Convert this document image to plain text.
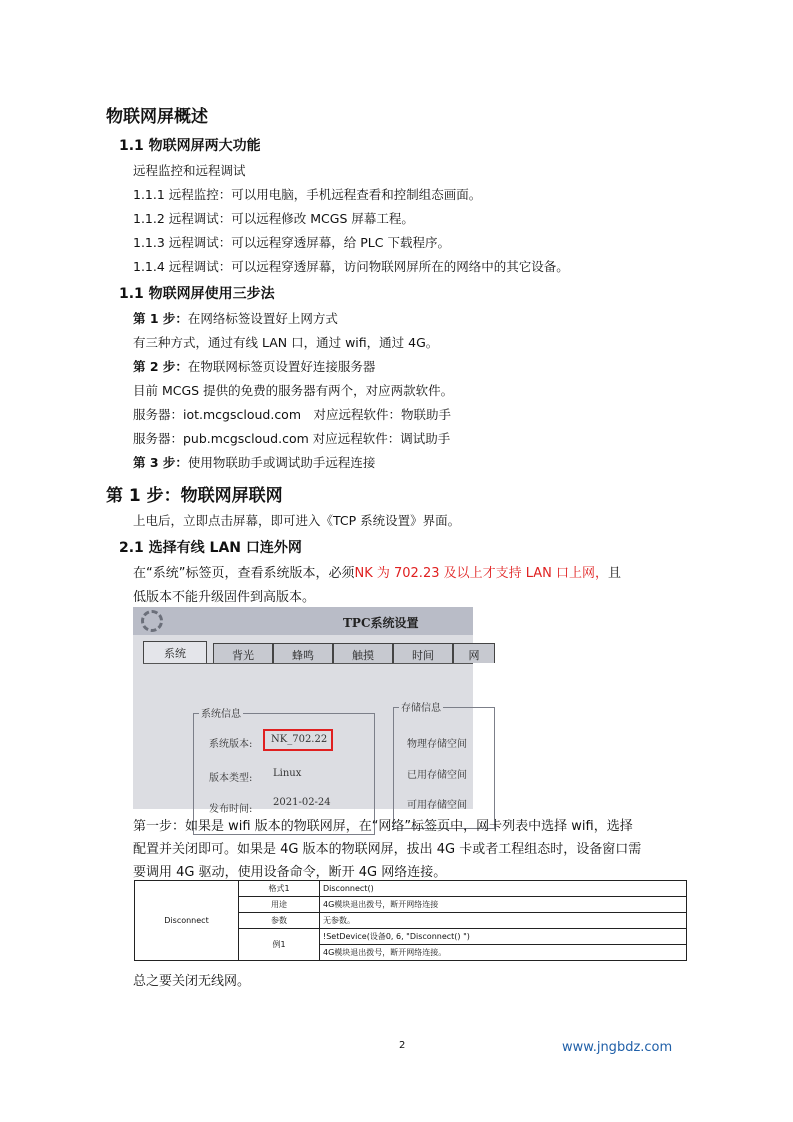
物联网屏概述
1.1 物联网屏两大功能
远程监控和远程调试
1.1.1 远程监控：可以用电脑，手机远程查看和控制组态画面。
1.1.2 远程调试：可以远程修改 MCGS 屏幕工程。
1.1.3 远程调试：可以远程穿透屏幕，给 PLC 下载程序。
1.1.4 远程调试：可以远程穿透屏幕，访问物联网屏所在的网络中的其它设备。
1.1 物联网屏使用三步法
第 1 步：在网络标签设置好上网方式
有三种方式，通过有线 LAN 口，通过 wifi，通过 4G。
第 2 步：在物联网标签页设置好连接服务器
目前 MCGS 提供的免费的服务器有两个，对应两款软件。
服务器：iot.mcgscloud.com　对应远程软件：物联助手
服务器：pub.mcgscloud.com 对应远程软件：调试助手
第 3 步：使用物联助手或调试助手远程连接
第 1 步：物联网屏联网
上电后，立即点击屏幕，即可进入《TCP 系统设置》界面。
2.1 选择有线 LAN 口连外网
在“系统”标签页，查看系统版本，必须NK 为 702.23 及以上才支持 LAN 口上网，且
低版本不能升级固件到高版本。
TPC系统设置
系统	背光	蜂鸣	触摸	时间	网
系统信息
存储信息
系统版本: NK_702.22
版本类型: Linux
发布时间:
2021-02-24
物理存储空间
已用存储空间
可用存储空间
第一步：如果是 wifi 版本的物联网屏，在“网络”标签页中，网卡列表中选择 wifi，选择
配置并关闭即可。如果是 4G 版本的物联网屏，拔出 4G 卡或者工程组态时，设备窗口需
要调用 4G 驱动，使用设备命令，断开 4G 网络连接。
Disconnect	格式1	Disconnect()
	用途	4G模块退出拨号，断开网络连接
	参数	无参数。
	例1	!SetDevice(设备0, 6, "Disconnect() ")
		4G模块退出拨号，断开网络连接。
总之要关闭无线网。
2	www.jngbdz.com
